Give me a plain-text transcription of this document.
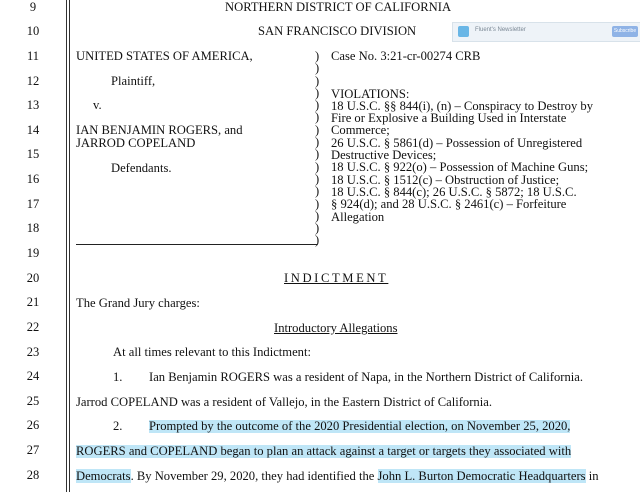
9
10
11
12
13
14
15
16
17
18
19
20
21
22
23
24
25
26
27
28
NORTHERN DISTRICT OF CALIFORNIA
SAN FRANCISCO DIVISION	Fluent's Newsletter	Subscribe
UNITED STATES OF AMERICA,
Plaintiff,
v.
IAN BENJAMIN ROGERS, and
JARROD COPELAND
Defendants.
)
)
)
)
)
)
)
)
)
)
)
)
)
)
)
)
Case No. 3:21-cr-00274 CRB
VIOLATIONS:
18 U.S.C. §§ 844(i), (n) – Conspiracy to Destroy by
Fire or Explosive a Building Used in Interstate
Commerce;
26 U.S.C. § 5861(d) – Possession of Unregistered
Destructive Devices;
18 U.S.C. § 922(o) – Possession of Machine Guns;
18 U.S.C. § 1512(c) – Obstruction of Justice;
18 U.S.C. § 844(c); 26 U.S.C. § 5872; 18 U.S.C.
§ 924(d); and 28 U.S.C. § 2461(c) – Forfeiture
Allegation
INDICTMENT
The Grand Jury charges:
Introductory Allegations
At all times relevant to this Indictment:
1. Ian Benjamin ROGERS was a resident of Napa, in the Northern District of California.
Jarrod COPELAND was a resident of Vallejo, in the Eastern District of California.
2. Prompted by the outcome of the 2020 Presidential election, on November 25, 2020,
ROGERS and COPELAND began to plan an attack against a target or targets they associated with
Democrats. By November 29, 2020, they had identified the John L. Burton Democratic Headquarters in
